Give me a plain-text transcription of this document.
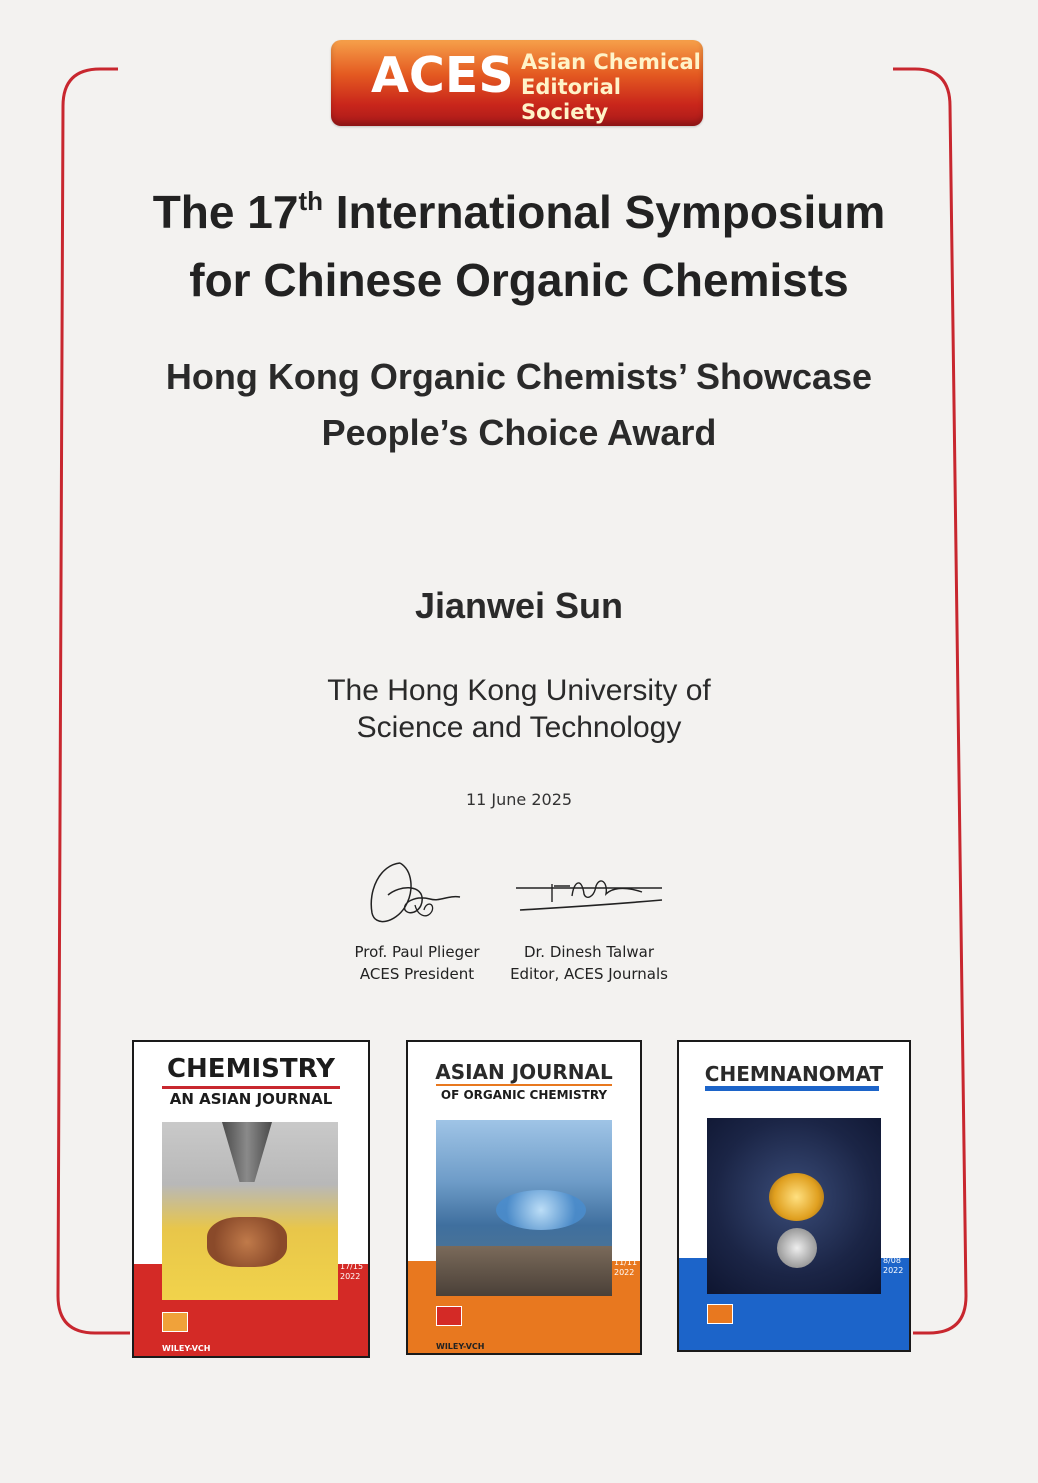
ACES Asian Chemical
Editorial Society
The 17th International Symposium
for Chinese Organic Chemists
Hong Kong Organic Chemists’ Showcase
People’s Choice Award
Jianwei Sun
The Hong Kong University of
Science and Technology
11 June 2025
Prof. Paul Plieger
ACES President
Dr. Dinesh Talwar
Editor, ACES Journals
CHEMISTRY
AN ASIAN JOURNAL
17/15
2022
WILEY-VCH
ASIAN JOURNAL
OF ORGANIC CHEMISTRY
11/11
2022
WILEY-VCH
CHEMNANOMAT
8/08
2022
